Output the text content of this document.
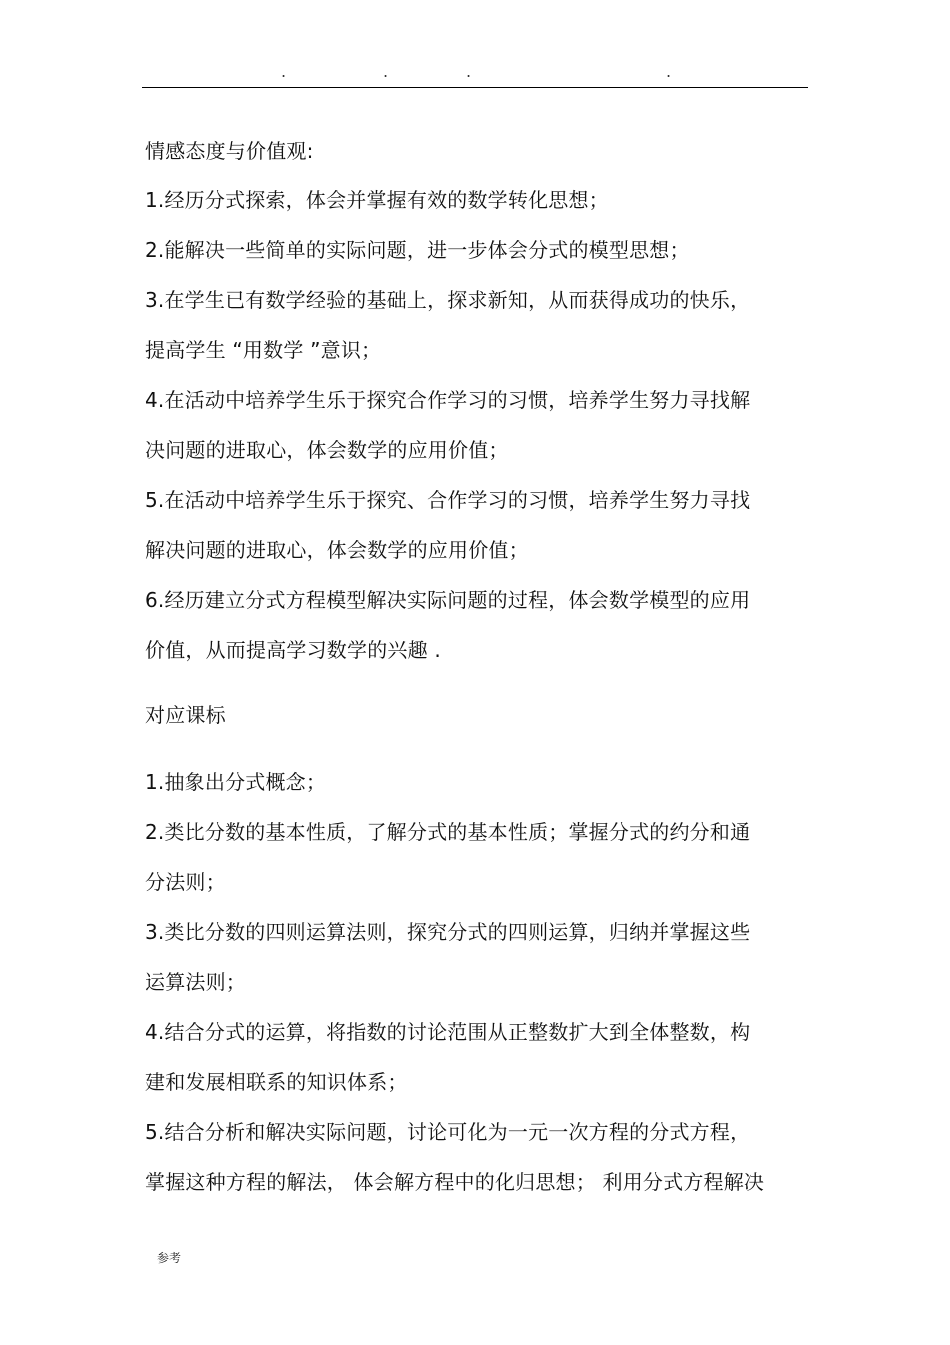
.	.	.	.
情感态度与价值观:
1.经历分式探索，体会并掌握有效的数学转化思想；
2.能解决一些简单的实际问题，进一步体会分式的模型思想；
3.在学生已有数学经验的基础上，探求新知，从而获得成功的快乐，
提高学生 “用数学 ”意识；
4.在活动中培养学生乐于探究合作学习的习惯，培养学生努力寻找解
决问题的进取心，体会数学的应用价值；
5.在活动中培养学生乐于探究、合作学习的习惯，培养学生努力寻找
解决问题的进取心，体会数学的应用价值；
6.经历建立分式方程模型解决实际问题的过程，体会数学模型的应用
价值，从而提高学习数学的兴趣 .
对应课标
1.抽象出分式概念；
2.类比分数的基本性质，了解分式的基本性质；掌握分式的约分和通
分法则；
3.类比分数的四则运算法则，探究分式的四则运算，归纳并掌握这些
运算法则；
4.结合分式的运算，将指数的讨论范围从正整数扩大到全体整数，构
建和发展相联系的知识体系；
5.结合分析和解决实际问题，讨论可化为一元一次方程的分式方程，
掌握这种方程的解法， 体会解方程中的化归思想； 利用分式方程解决
参考
